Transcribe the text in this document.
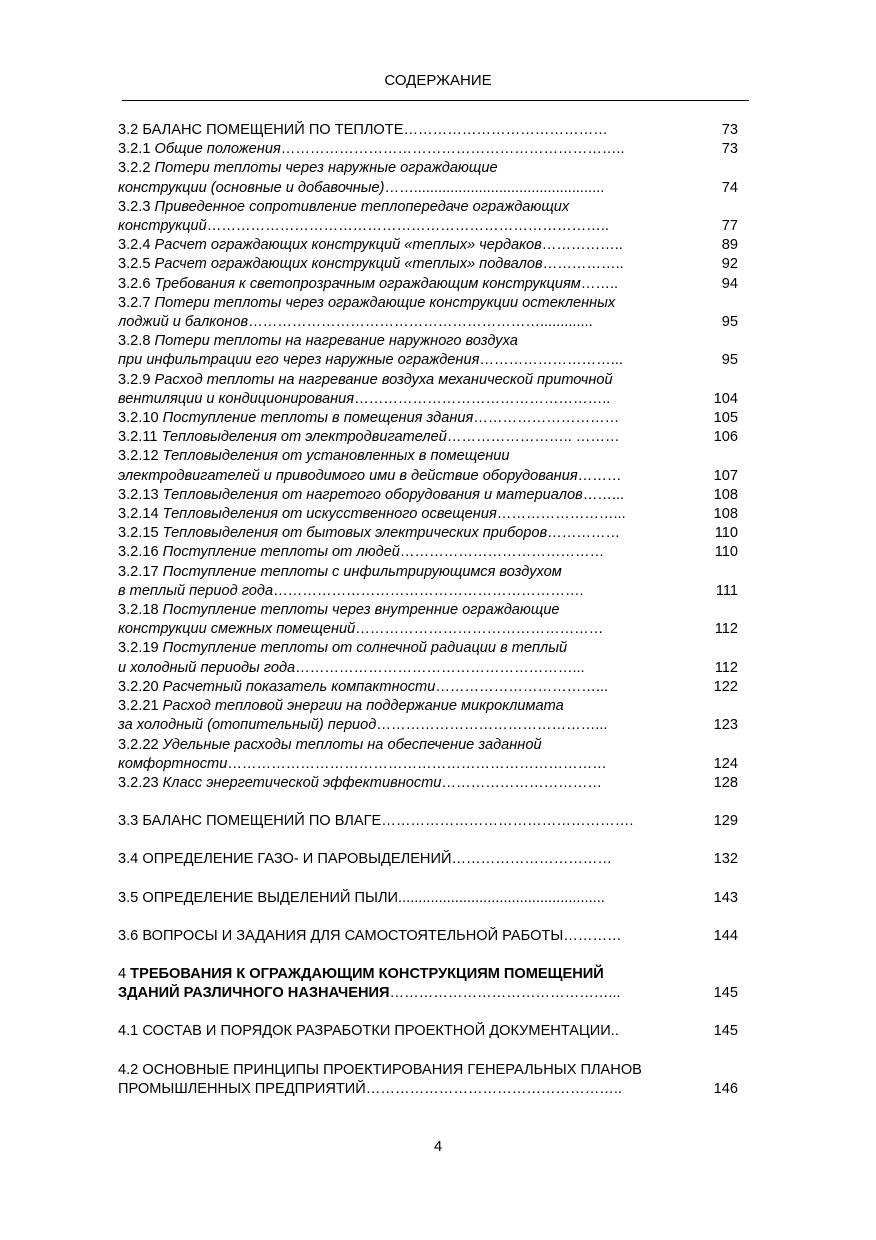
СОДЕРЖАНИЕ
3.2 БАЛАНС ПОМЕЩЕНИЙ ПО ТЕПЛОТЕ……………………………………	73
3.2.1 Общие положения……………………………………………………………..	73
3.2.2 Потери теплоты через наружные ограждающие
конструкции (основные и добавочные)……...............................................	74
3.2.3 Приведенное сопротивление теплопередаче ограждающих
конструкций………………………………………………………………………..	77
3.2.4 Расчет ограждающих конструкций «теплых» чердаков……………..	89
3.2.5 Расчет ограждающих конструкций «теплых» подвалов……………..	92
3.2.6 Требования к светопрозрачным ограждающим конструкциям……..	94
3.2.7 Потери теплоты через ограждающие конструкции остекленных
лоджий и балконов…………………………………………………….............	95
3.2.8 Потери теплоты на нагревание наружного воздуха
при инфильтрации его через наружные ограждения………………………...	95
3.2.9 Расход теплоты на нагревание воздуха механической приточной
вентиляции и кондиционирования……………………………………………..	104
3.2.10 Поступление теплоты в помещения здания…………………………	105
3.2.11 Тепловыделения от электродвигателей…………………….. ………	106
3.2.12 Тепловыделения от установленных в помещении
электродвигателей и приводимого ими в действие оборудования………	107
3.2.13 Тепловыделения от нагретого оборудования и материалов……...	108
3.2.14 Тепловыделения от искусственного освещения……………………...	108
3.2.15 Тепловыделения от бытовых электрических приборов……………	110
3.2.16 Поступление теплоты от людей……………………………………	110
3.2.17 Поступление теплоты с инфильтрирующимся воздухом
в теплый период года……………………………………………………….	111
3.2.18 Поступление теплоты через внутренние ограждающие
конструкции смежных помещений……………………………………………	112
3.2.19 Поступление теплоты от солнечной радиации в теплый
и холодный периоды года…………………………………………………...	112
3.2.20 Расчетный показатель компактности……………………………...	122
3.2.21 Расход тепловой энергии на поддержание микроклимата
за холодный (отопительный) период………………………………………...	123
3.2.22 Удельные расходы теплоты на обеспечение заданной
комфортности……………………………………………………………………	124
3.2.23 Класс энергетической эффективности……………………………	128
3.3 БАЛАНС ПОМЕЩЕНИЙ ПО ВЛАГЕ…………………………………………….	129
3.4 ОПРЕДЕЛЕНИЕ ГАЗО- И ПАРОВЫДЕЛЕНИЙ……………………………	132
3.5 ОПРЕДЕЛЕНИЕ ВЫДЕЛЕНИЙ ПЫЛИ...................................................	143
3.6 ВОПРОСЫ И ЗАДАНИЯ ДЛЯ САМОСТОЯТЕЛЬНОЙ РАБОТЫ…………	144
4 ТРЕБОВАНИЯ К ОГРАЖДАЮЩИМ КОНСТРУКЦИЯМ ПОМЕЩЕНИЙ
ЗДАНИЙ РАЗЛИЧНОГО НАЗНАЧЕНИЯ………………………………………...	145
4.1 СОСТАВ И ПОРЯДОК РАЗРАБОТКИ ПРОЕКТНОЙ ДОКУМЕНТАЦИИ..	145
4.2 ОСНОВНЫЕ ПРИНЦИПЫ ПРОЕКТИРОВАНИЯ ГЕНЕРАЛЬНЫХ ПЛАНОВ
ПРОМЫШЛЕННЫХ ПРЕДПРИЯТИЙ……………………………………………..	146
4
